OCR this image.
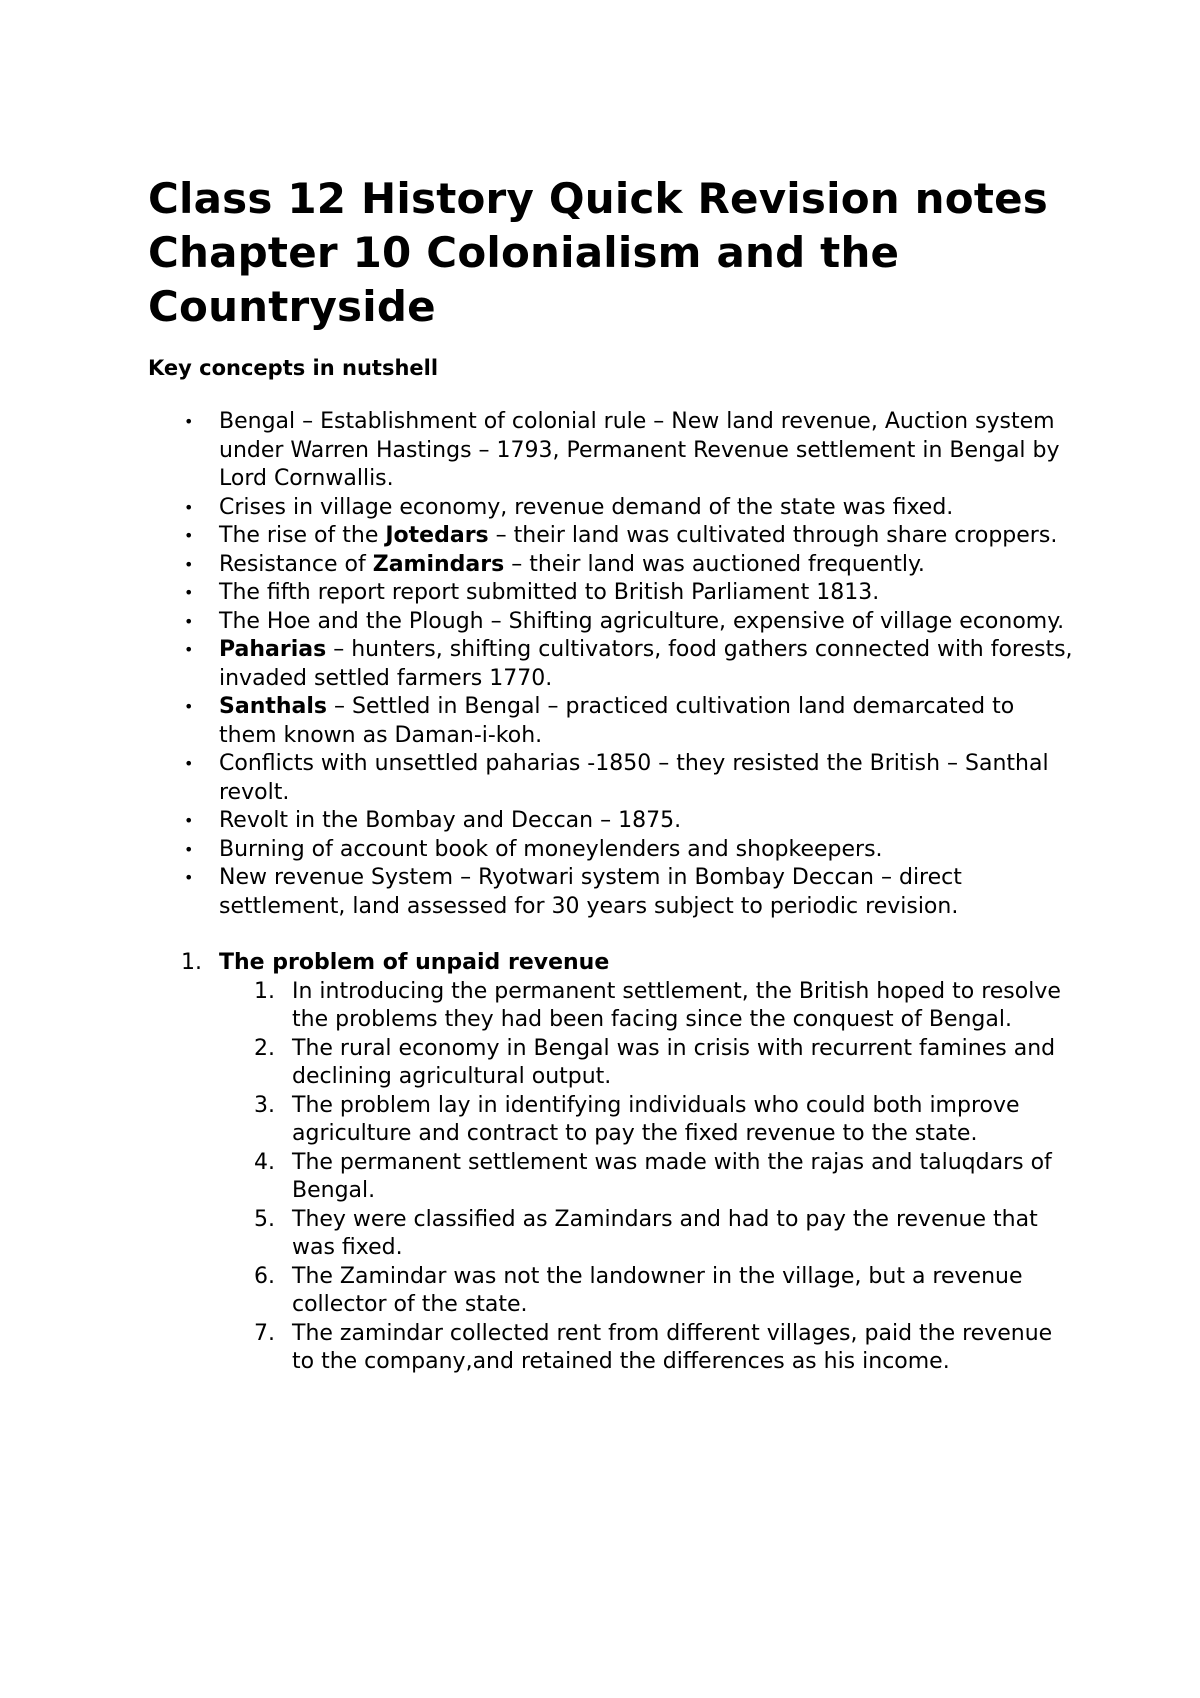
Class 12 History Quick Revision notes Chapter 10 Colonialism and the Countryside

Key concepts in nutshell

• Bengal – Establishment of colonial rule – New land revenue, Auction system under Warren Hastings – 1793, Permanent Revenue settlement in Bengal by Lord Cornwallis.
• Crises in village economy, revenue demand of the state was fixed.
• The rise of the Jotedars – their land was cultivated through share croppers.
• Resistance of Zamindars – their land was auctioned frequently.
• The fifth report report submitted to British Parliament 1813.
• The Hoe and the Plough – Shifting agriculture, expensive of village economy.
• Paharias – hunters, shifting cultivators, food gathers connected with forests, invaded settled farmers 1770.
• Santhals – Settled in Bengal – practiced cultivation land demarcated to them known as Daman-i-koh.
• Conflicts with unsettled paharias -1850 – they resisted the British – Santhal revolt.
• Revolt in the Bombay and Deccan – 1875.
• Burning of account book of moneylenders and shopkeepers.
• New revenue System – Ryotwari system in Bombay Deccan – direct settlement, land assessed for 30 years subject to periodic revision.
1. The problem of unpaid revenue
1. In introducing the permanent settlement, the British hoped to resolve the problems they had been facing since the conquest of Bengal.
2. The rural economy in Bengal was in crisis with recurrent famines and declining agricultural output.
3. The problem lay in identifying individuals who could both improve agriculture and contract to pay the fixed revenue to the state.
4. The permanent settlement was made with the rajas and taluqdars of Bengal.
5. They were classified as Zamindars and had to pay the revenue that was fixed.
6. The Zamindar was not the landowner in the village, but a revenue collector of the state.
7. The zamindar collected rent from different villages, paid the revenue to the company,and retained the differences as his income.
